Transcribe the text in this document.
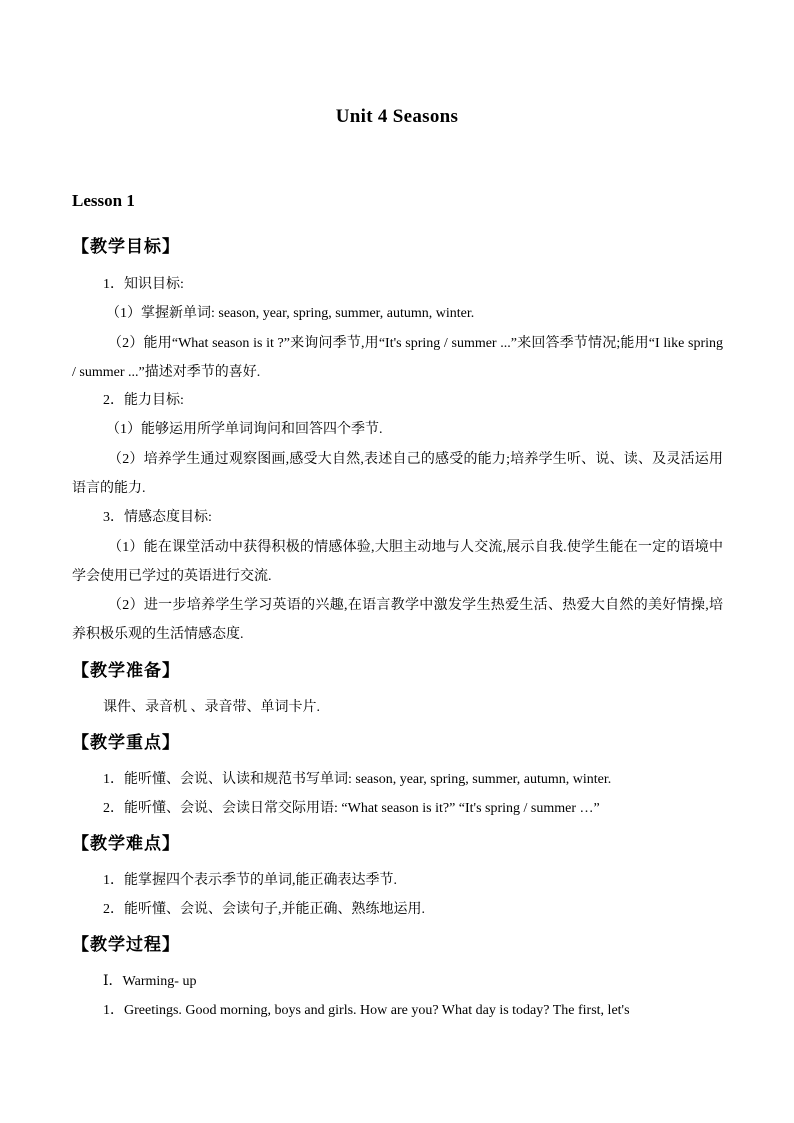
Unit 4 Seasons
Lesson 1
【教学目标】
1．知识目标:
（1）掌握新单词: season, year, spring, summer, autumn, winter.
（2）能用“What season is it ?”来询问季节,用“It's spring / summer ...”来回答季节情况;能用“I like spring / summer ...”描述对季节的喜好.
2．能力目标:
（1）能够运用所学单词询问和回答四个季节.
（2）培养学生通过观察图画,感受大自然,表述自己的感受的能力;培养学生听、说、读、及灵活运用语言的能力.
3．情感态度目标:
（1）能在课堂活动中获得积极的情感体验,大胆主动地与人交流,展示自我.使学生能在一定的语境中学会使用已学过的英语进行交流.
（2）进一步培养学生学习英语的兴趣,在语言教学中激发学生热爱生活、热爱大自然的美好情操,培养积极乐观的生活情感态度.
【教学准备】
课件、录音机 、录音带、单词卡片.
【教学重点】
1．能听懂、会说、认读和规范书写单词: season, year, spring, summer, autumn, winter.
2．能听懂、会说、会读日常交际用语: “What season is it?” “It's spring / summer …”
【教学难点】
1．能掌握四个表示季节的单词,能正确表达季节.
2．能听懂、会说、会读句子,并能正确、熟练地运用.
【教学过程】
Ⅰ．Warming- up
1．Greetings. Good morning, boys and girls. How are you? What day is today? The first, let's
